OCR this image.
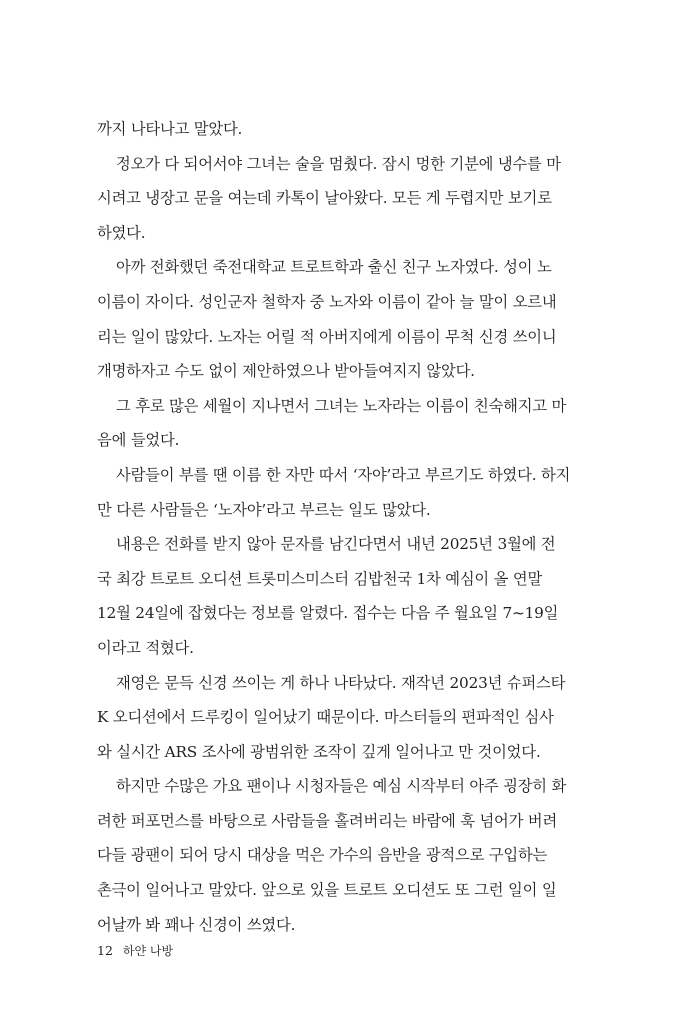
까지 나타나고 말았다.
정오가 다 되어서야 그녀는 술을 멈췄다. 잠시 멍한 기분에 냉수를 마
시려고 냉장고 문을 여는데 카톡이 날아왔다. 모든 게 두렵지만 보기로
하였다.
아까 전화했던 죽전대학교 트로트학과 출신 친구 노자였다. 성이 노
이름이 자이다. 성인군자 철학자 중 노자와 이름이 같아 늘 말이 오르내
리는 일이 많았다. 노자는 어릴 적 아버지에게 이름이 무척 신경 쓰이니
개명하자고 수도 없이 제안하였으나 받아들여지지 않았다.
그 후로 많은 세월이 지나면서 그녀는 노자라는 이름이 친숙해지고 마
음에 들었다.
사람들이 부를 땐 이름 한 자만 따서 ‘자야’라고 부르기도 하였다. 하지
만 다른 사람들은 ‘노자야’라고 부르는 일도 많았다.
내용은 전화를 받지 않아 문자를 남긴다면서 내년 2025년 3월에 전
국 최강 트로트 오디션 트롯미스미스터 김밥천국 1차 예심이 올 연말
12월 24일에 잡혔다는 정보를 알렸다. 접수는 다음 주 월요일 7~19일
이라고 적혔다.
재영은 문득 신경 쓰이는 게 하나 나타났다. 재작년 2023년 슈퍼스타
K 오디션에서 드루킹이 일어났기 때문이다. 마스터들의 편파적인 심사
와 실시간 ARS 조사에 광범위한 조작이 깊게 일어나고 만 것이었다.
하지만 수많은 가요 팬이나 시청자들은 예심 시작부터 아주 굉장히 화
려한 퍼포먼스를 바탕으로 사람들을 홀려버리는 바람에 훅 넘어가 버려
다들 광팬이 되어 당시 대상을 먹은 가수의 음반을 광적으로 구입하는
촌극이 일어나고 말았다. 앞으로 있을 트로트 오디션도 또 그런 일이 일
어날까 봐 꽤나 신경이 쓰였다.
12 하얀 나방
